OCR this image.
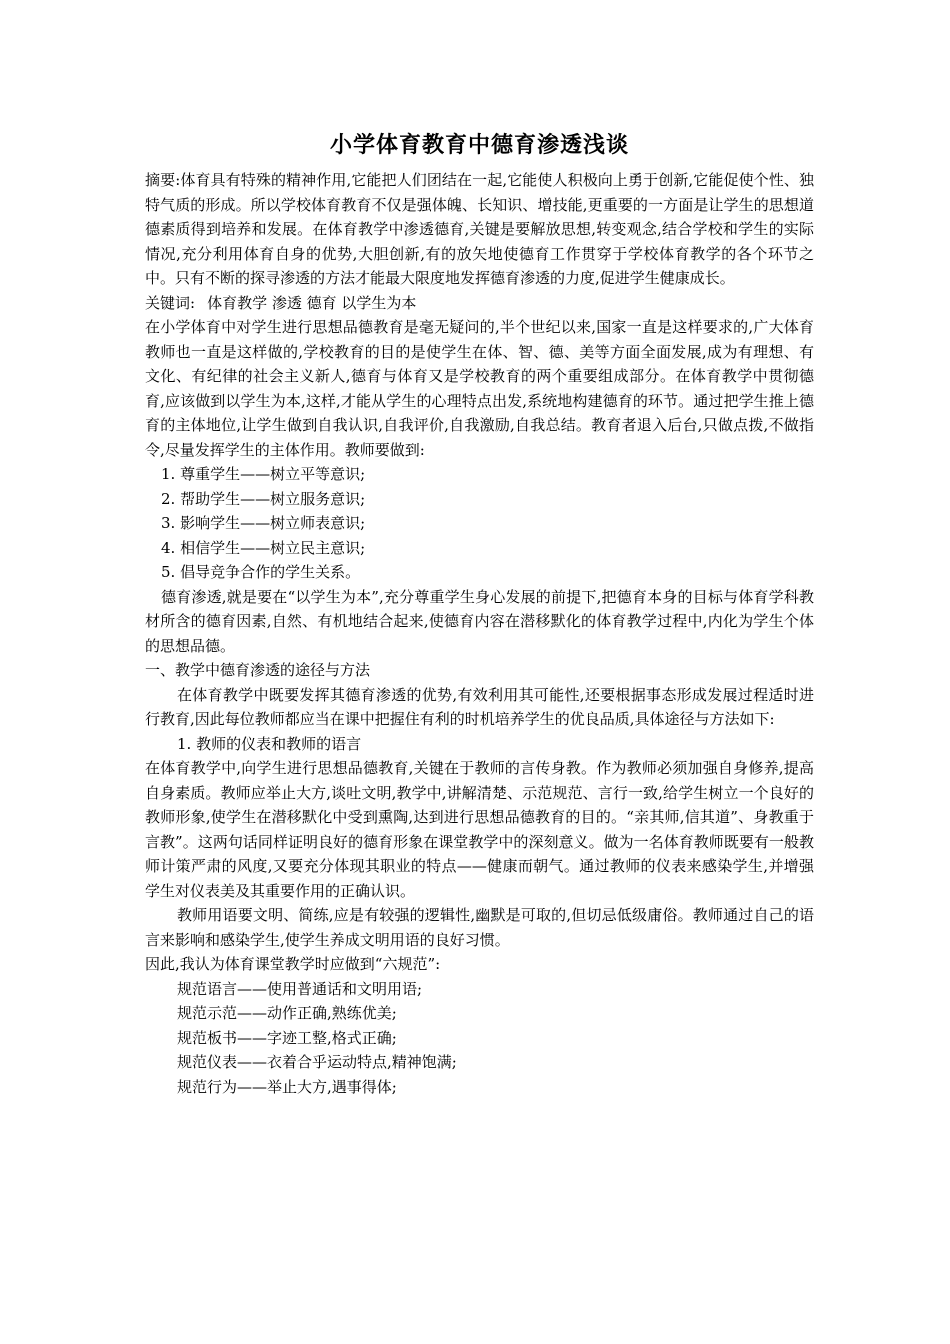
小学体育教育中德育渗透浅谈

摘要:体育具有特殊的精神作用,它能把人们团结在一起,它能使人积极向上勇于创新,它能促使个性、独特气质的形成。所以学校体育教育不仅是强体魄、长知识、增技能,更重要的一方面是让学生的思想道德素质得到培养和发展。在体育教学中渗透德育,关键是要解放思想,转变观念,结合学校和学生的实际情况,充分利用体育自身的优势,大胆创新,有的放矢地使德育工作贯穿于学校体育教学的各个环节之中。只有不断的探寻渗透的方法才能最大限度地发挥德育渗透的力度,促进学生健康成长。

关键词: 体育教学 渗透 德育 以学生为本

在小学体育中对学生进行思想品德教育是毫无疑问的,半个世纪以来,国家一直是这样要求的,广大体育教师也一直是这样做的,学校教育的目的是使学生在体、智、德、美等方面全面发展,成为有理想、有文化、有纪律的社会主义新人,德育与体育又是学校教育的两个重要组成部分。在体育教学中贯彻德育,应该做到以学生为本,这样,才能从学生的心理特点出发,系统地构建德育的环节。通过把学生推上德育的主体地位,让学生做到自我认识,自我评价,自我激励,自我总结。教育者退入后台,只做点拨,不做指令,尽量发挥学生的主体作用。教师要做到:

1. 尊重学生——树立平等意识;

2. 帮助学生——树立服务意识;

3. 影响学生——树立师表意识;

4. 相信学生——树立民主意识;

5. 倡导竞争合作的学生关系。

德育渗透,就是要在“以学生为本”,充分尊重学生身心发展的前提下,把德育本身的目标与体育学科教材所含的德育因素,自然、有机地结合起来,使德育内容在潜移默化的体育教学过程中,内化为学生个体的思想品德。

一、教学中德育渗透的途径与方法

在体育教学中既要发挥其德育渗透的优势,有效利用其可能性,还要根据事态形成发展过程适时进行教育,因此每位教师都应当在课中把握住有利的时机培养学生的优良品质,具体途径与方法如下:

1. 教师的仪表和教师的语言

在体育教学中,向学生进行思想品德教育,关键在于教师的言传身教。作为教师必须加强自身修养,提高自身素质。教师应举止大方,谈吐文明,教学中,讲解清楚、示范规范、言行一致,给学生树立一个良好的教师形象,使学生在潜移默化中受到熏陶,达到进行思想品德教育的目的。“亲其师,信其道”、身教重于言教”。这两句话同样证明良好的德育形象在课堂教学中的深刻意义。做为一名体育教师既要有一般教师计策严肃的风度,又要充分体现其职业的特点——健康而朝气。通过教师的仪表来感染学生,并增强学生对仪表美及其重要作用的正确认识。

教师用语要文明、简练,应是有较强的逻辑性,幽默是可取的,但切忌低级庸俗。教师通过自己的语言来影响和感染学生,使学生养成文明用语的良好习惯。

因此,我认为体育课堂教学时应做到“六规范”:

规范语言——使用普通话和文明用语;

规范示范——动作正确,熟练优美;

规范板书——字迹工整,格式正确;

规范仪表——衣着合乎运动特点,精神饱满;

规范行为——举止大方,遇事得体;
